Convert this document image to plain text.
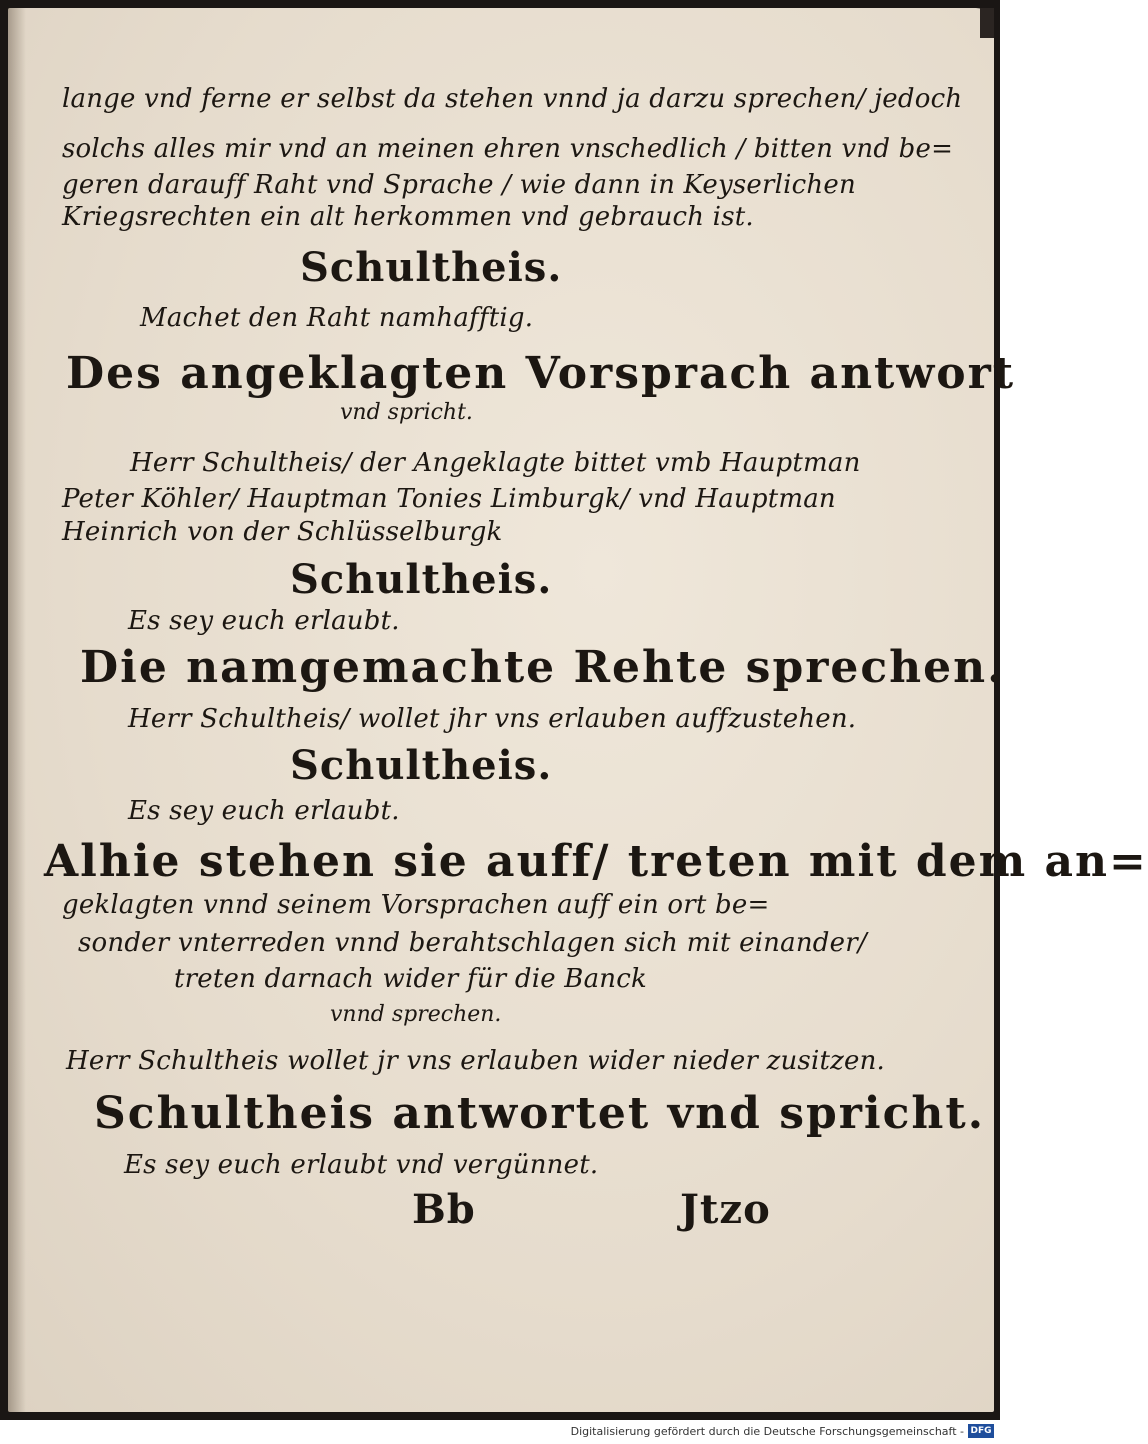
lange vnd ferne er selbst da stehen vnnd ja darzu sprechen/ jedoch
solchs alles mir vnd an meinen ehren vnschedlich / bitten vnd be=
geren darauff Raht vnd Sprache / wie dann in Keyserlichen
Kriegsrechten ein alt herkommen vnd gebrauch ist.
Schultheis.
Machet den Raht namhafftig.
Des angeklagten Vorsprach antwort
vnd spricht.
Herr Schultheis/ der Angeklagte bittet vmb Hauptman
Peter Köhler/ Hauptman Tonies Limburgk/ vnd Hauptman
Heinrich von der Schlüsselburgk
Schultheis.
Es sey euch erlaubt.
Die namgemachte Rehte sprechen.
Herr Schultheis/ wollet jhr vns erlauben auffzustehen.
Schultheis.
Es sey euch erlaubt.
Alhie stehen sie auff/ treten mit dem an=
geklagten vnnd seinem Vorsprachen auff ein ort be=
sonder vnterreden vnnd berahtschlagen sich mit einander/
treten darnach wider für die Banck
vnnd sprechen.
Herr Schultheis wollet jr vns erlauben wider nieder zusitzen.
Schultheis antwortet vnd spricht.
Es sey euch erlaubt vnd vergünnet.
Bb	Jtzo
Digitalisierung gefördert durch die Deutsche Forschungsgemeinschaft - DFG
